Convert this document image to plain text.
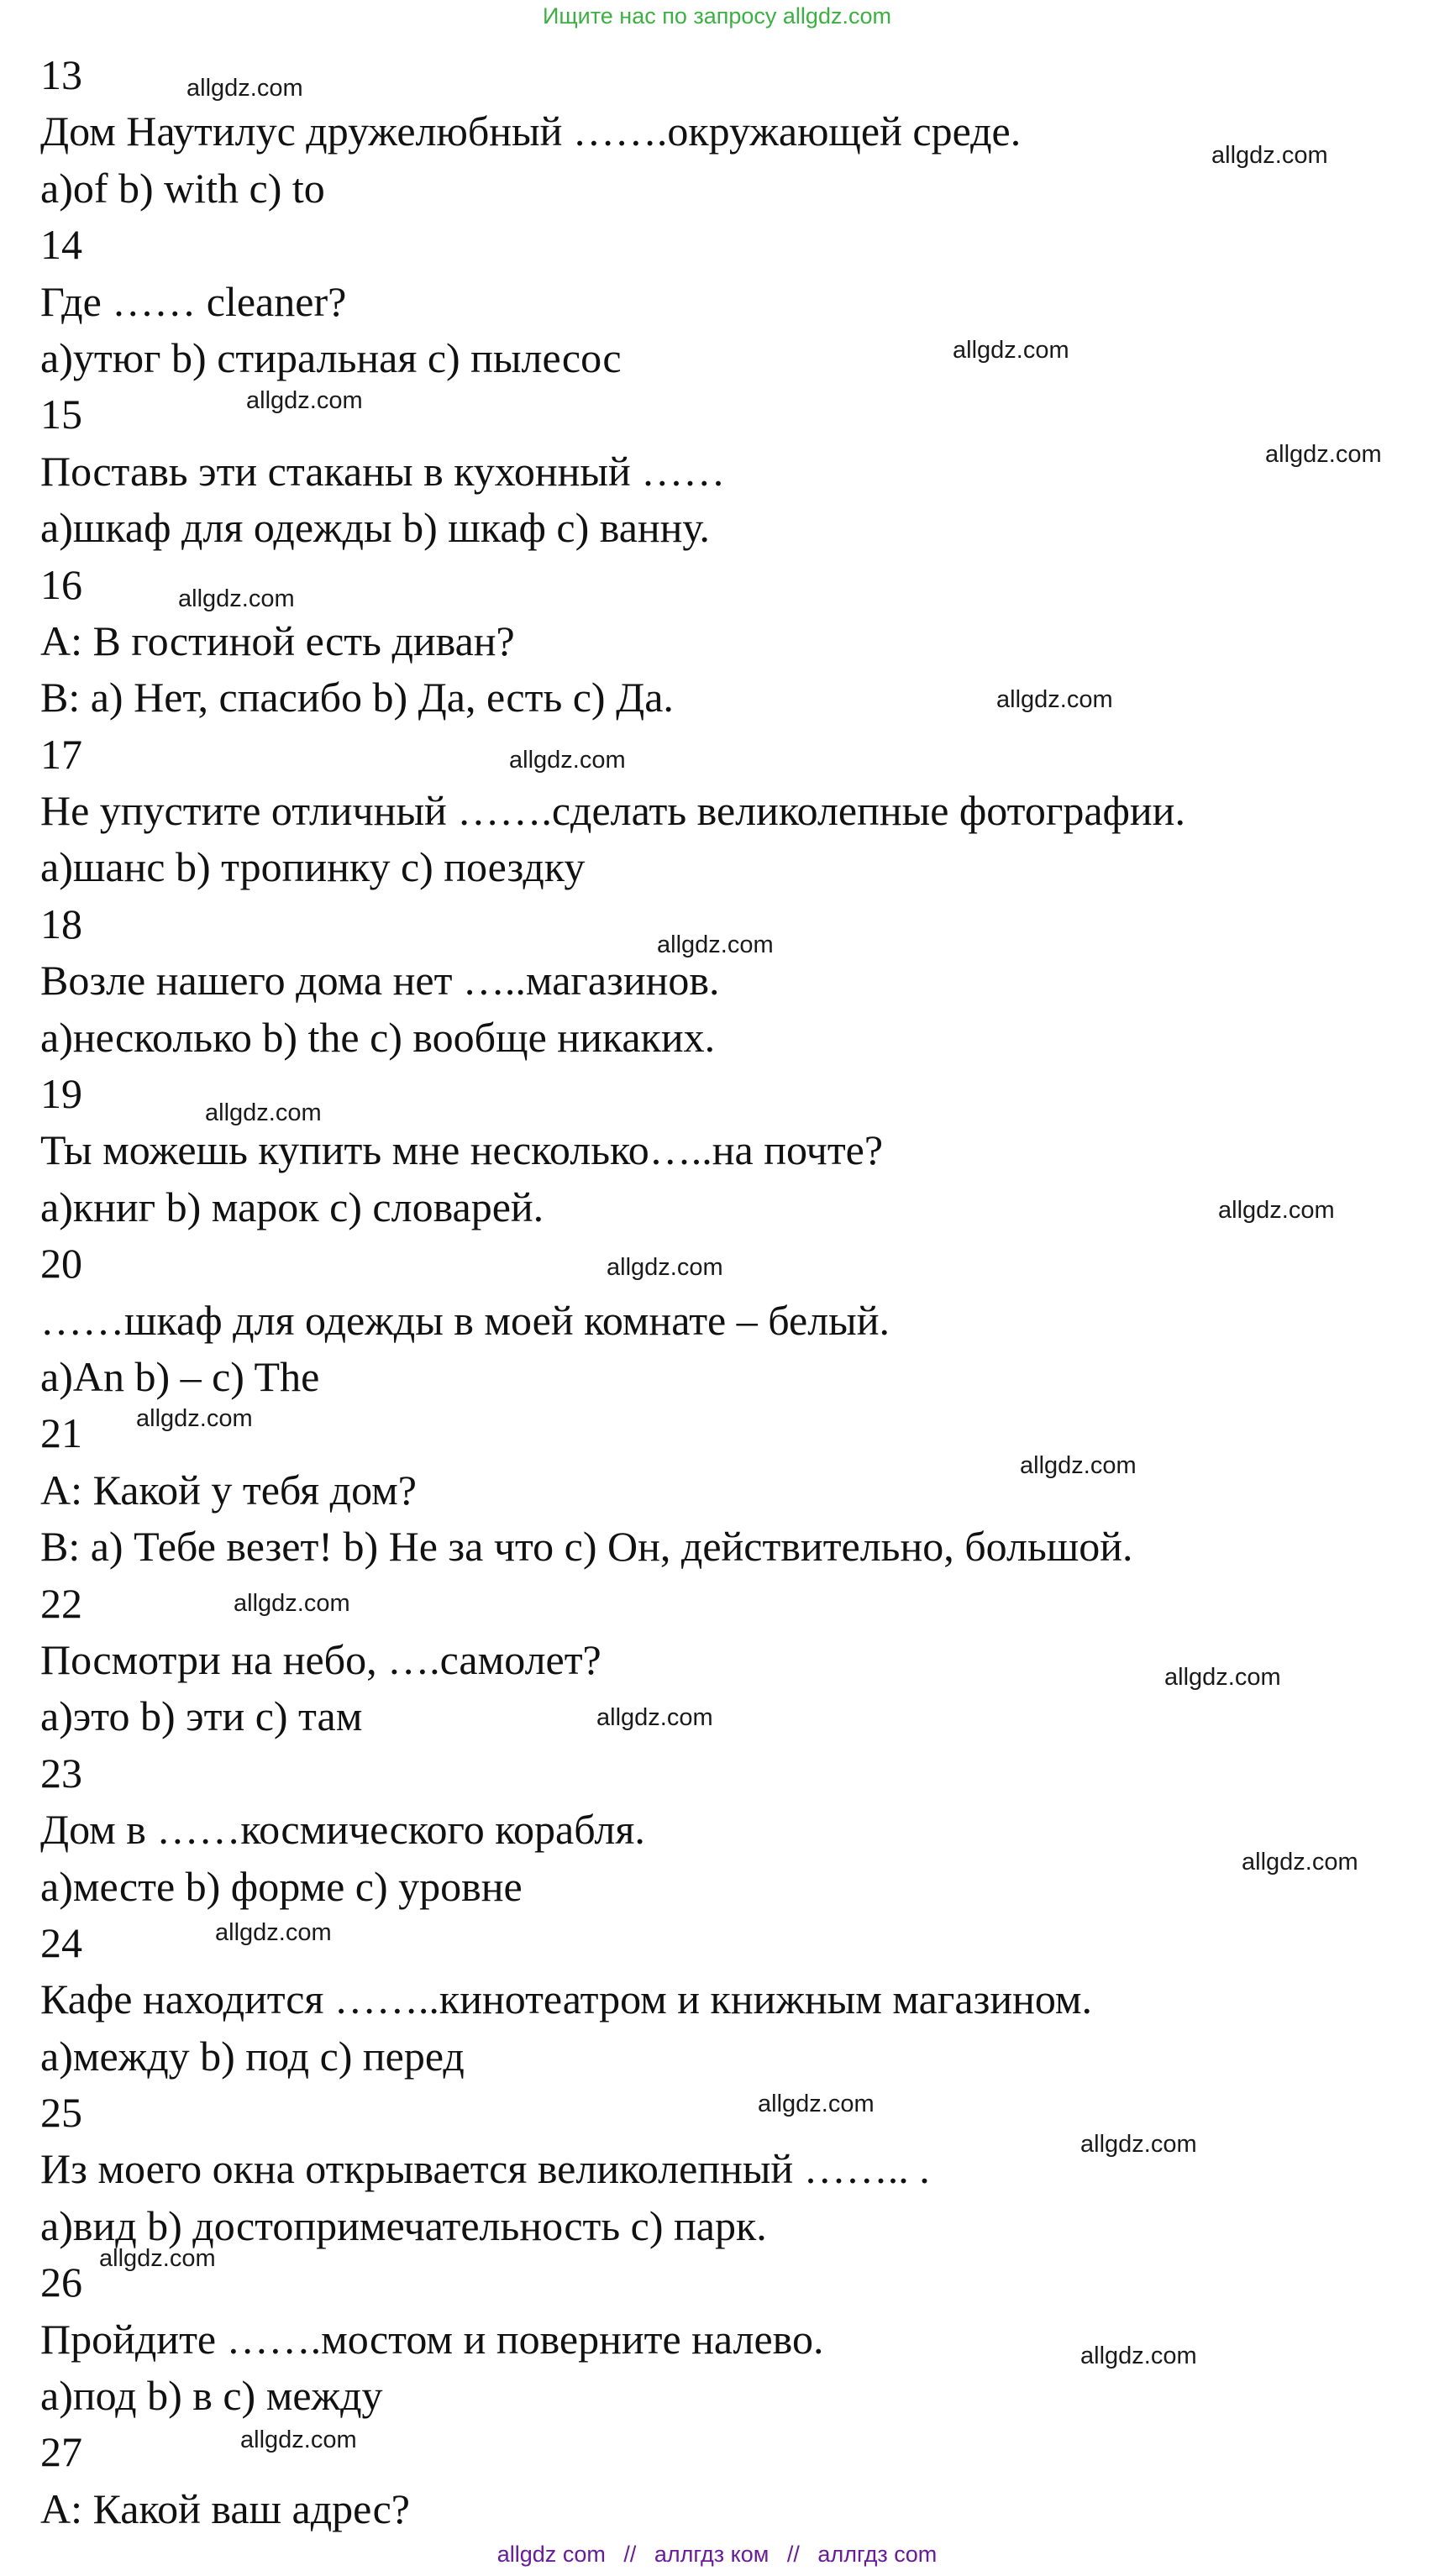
Ищите нас по запросу allgdz.com
13
Дом Наутилус дружелюбный …….окружающей среде.
a)of b) with c) to
14
Где …… cleaner?
a)утюг b) стиральная c) пылесос
15
Поставь эти стаканы в кухонный ……
a)шкаф для одежды b) шкаф c) ванну.
16
A: В гостиной есть диван?
B: a) Нет, спасибо b) Да, есть c) Да.
17
Не упустите отличный …….сделать великолепные фотографии.
a)шанс b) тропинку c) поездку
18
Возле нашего дома нет …..магазинов.
a)несколько b) the c) вообще никаких.
19
Ты можешь купить мне несколько…..на почте?
a)книг b) марок c) словарей.
20
……шкаф для одежды в моей комнате – белый.
a)An b) – c) The
21
A: Какой у тебя дом?
B: a) Тебе везет! b) Не за что c) Он, действительно, большой.
22
Посмотри на небо, ….самолет?
a)это b) эти c) там
23
Дом в ……космического корабля.
a)месте b) форме c) уровне
24
Кафе находится ……..кинотеатром и книжным магазином.
a)между b) под c) перед
25
Из моего окна открывается великолепный …….. .
a)вид b) достопримечательность c) парк.
26
Пройдите …….мостом и поверните налево.
a)под b) в c) между
27
A: Какой ваш адрес?
allgdz.com
allgdz.com
allgdz.com
allgdz.com
allgdz.com
allgdz.com
allgdz.com
allgdz.com
allgdz.com
allgdz.com
allgdz.com
allgdz.com
allgdz.com
allgdz.com
allgdz.com
allgdz.com
allgdz.com
allgdz.com
allgdz.com
allgdz.com
allgdz.com
allgdz.com
allgdz.com
allgdz.com
allgdz com // аллгдз ком // аллгдз com
